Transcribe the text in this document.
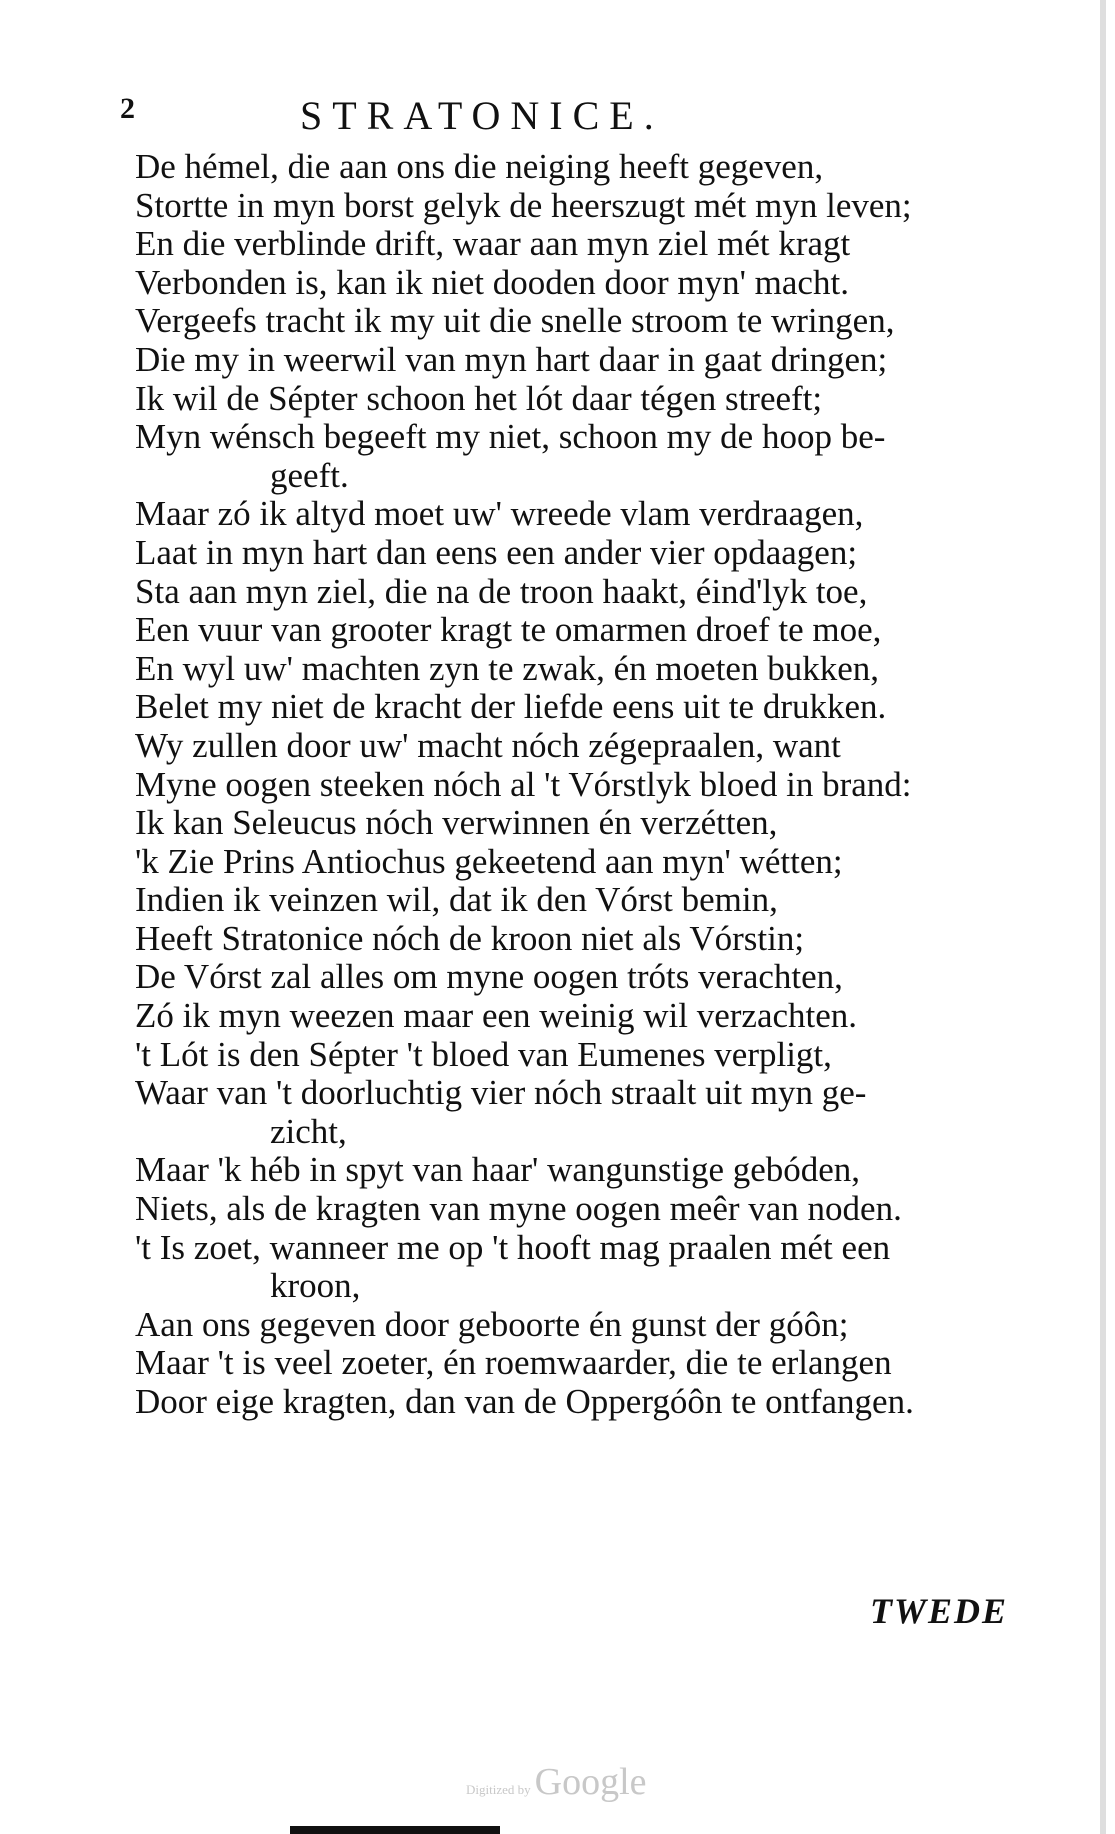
2	STRATONICE.
De hémel, die aan ons die neiging heeft gegeven,
Stortte in myn borst gelyk de heerszugt mét myn leven;
En die verblinde drift, waar aan myn ziel mét kragt
Verbonden is, kan ik niet dooden door myn' macht.
Vergeefs tracht ik my uit die snelle stroom te wringen,
Die my in weerwil van myn hart daar in gaat dringen;
Ik wil de Sépter schoon het lót daar tégen streeft;
Myn wénsch begeeft my niet, schoon my de hoop be-
geeft.
Maar zó ik altyd moet uw' wreede vlam verdraagen,
Laat in myn hart dan eens een ander vier opdaagen;
Sta aan myn ziel, die na de troon haakt, éind'lyk toe,
Een vuur van grooter kragt te omarmen droef te moe,
En wyl uw' machten zyn te zwak, én moeten bukken,
Belet my niet de kracht der liefde eens uit te drukken.
Wy zullen door uw' macht nóch zégepraalen, want
Myne oogen steeken nóch al 't Vórstlyk bloed in brand:
Ik kan Seleucus nóch verwinnen én verzétten,
'k Zie Prins Antiochus gekeetend aan myn' wétten;
Indien ik veinzen wil, dat ik den Vórst bemin,
Heeft Stratonice nóch de kroon niet als Vórstin;
De Vórst zal alles om myne oogen tróts verachten,
Zó ik myn weezen maar een weinig wil verzachten.
't Lót is den Sépter 't bloed van Eumenes verpligt,
Waar van 't doorluchtig vier nóch straalt uit myn ge-
zicht,
Maar 'k héb in spyt van haar' wangunstige gebóden,
Niets, als de kragten van myne oogen meêr van noden.
't Is zoet, wanneer me op 't hooft mag praalen mét een
kroon,
Aan ons gegeven door geboorte én gunst der góôn;
Maar 't is veel zoeter, én roemwaarder, die te erlangen
Door eige kragten, dan van de Oppergóôn te ontfangen.
TWEDE
Digitized by Google
